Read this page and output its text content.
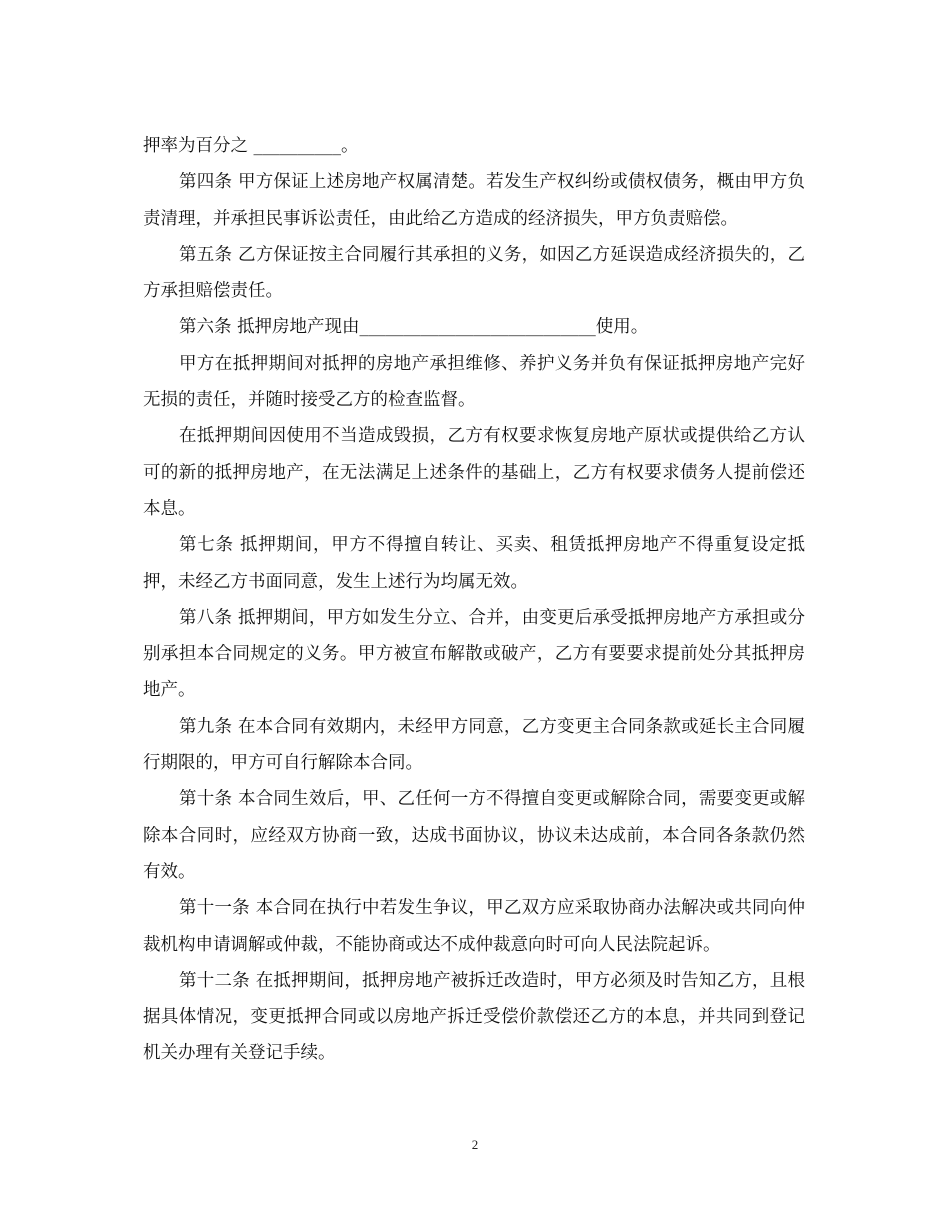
押率为百分之 __________。

第四条 甲方保证上述房地产权属清楚。若发生产权纠纷或债权债务，概由甲方负责清理，并承担民事诉讼责任，由此给乙方造成的经济损失，甲方负责赔偿。

第五条 乙方保证按主合同履行其承担的义务，如因乙方延误造成经济损失的，乙方承担赔偿责任。

第六条 抵押房地产现由___________________________使用。

甲方在抵押期间对抵押的房地产承担维修、养护义务并负有保证抵押房地产完好无损的责任，并随时接受乙方的检查监督。

在抵押期间因使用不当造成毁损，乙方有权要求恢复房地产原状或提供给乙方认可的新的抵押房地产，在无法满足上述条件的基础上，乙方有权要求债务人提前偿还本息。

第七条 抵押期间，甲方不得擅自转让、买卖、租赁抵押房地产不得重复设定抵押，未经乙方书面同意，发生上述行为均属无效。

第八条 抵押期间，甲方如发生分立、合并，由变更后承受抵押房地产方承担或分别承担本合同规定的义务。甲方被宣布解散或破产，乙方有要要求提前处分其抵押房地产。

第九条 在本合同有效期内，未经甲方同意，乙方变更主合同条款或延长主合同履行期限的，甲方可自行解除本合同。

第十条 本合同生效后，甲、乙任何一方不得擅自变更或解除合同，需要变更或解除本合同时，应经双方协商一致，达成书面协议，协议未达成前，本合同各条款仍然有效。

第十一条 本合同在执行中若发生争议，甲乙双方应采取协商办法解决或共同向仲裁机构申请调解或仲裁，不能协商或达不成仲裁意向时可向人民法院起诉。

第十二条 在抵押期间，抵押房地产被拆迁改造时，甲方必须及时告知乙方，且根据具体情况，变更抵押合同或以房地产拆迁受偿价款偿还乙方的本息，并共同到登记机关办理有关登记手续。

2
